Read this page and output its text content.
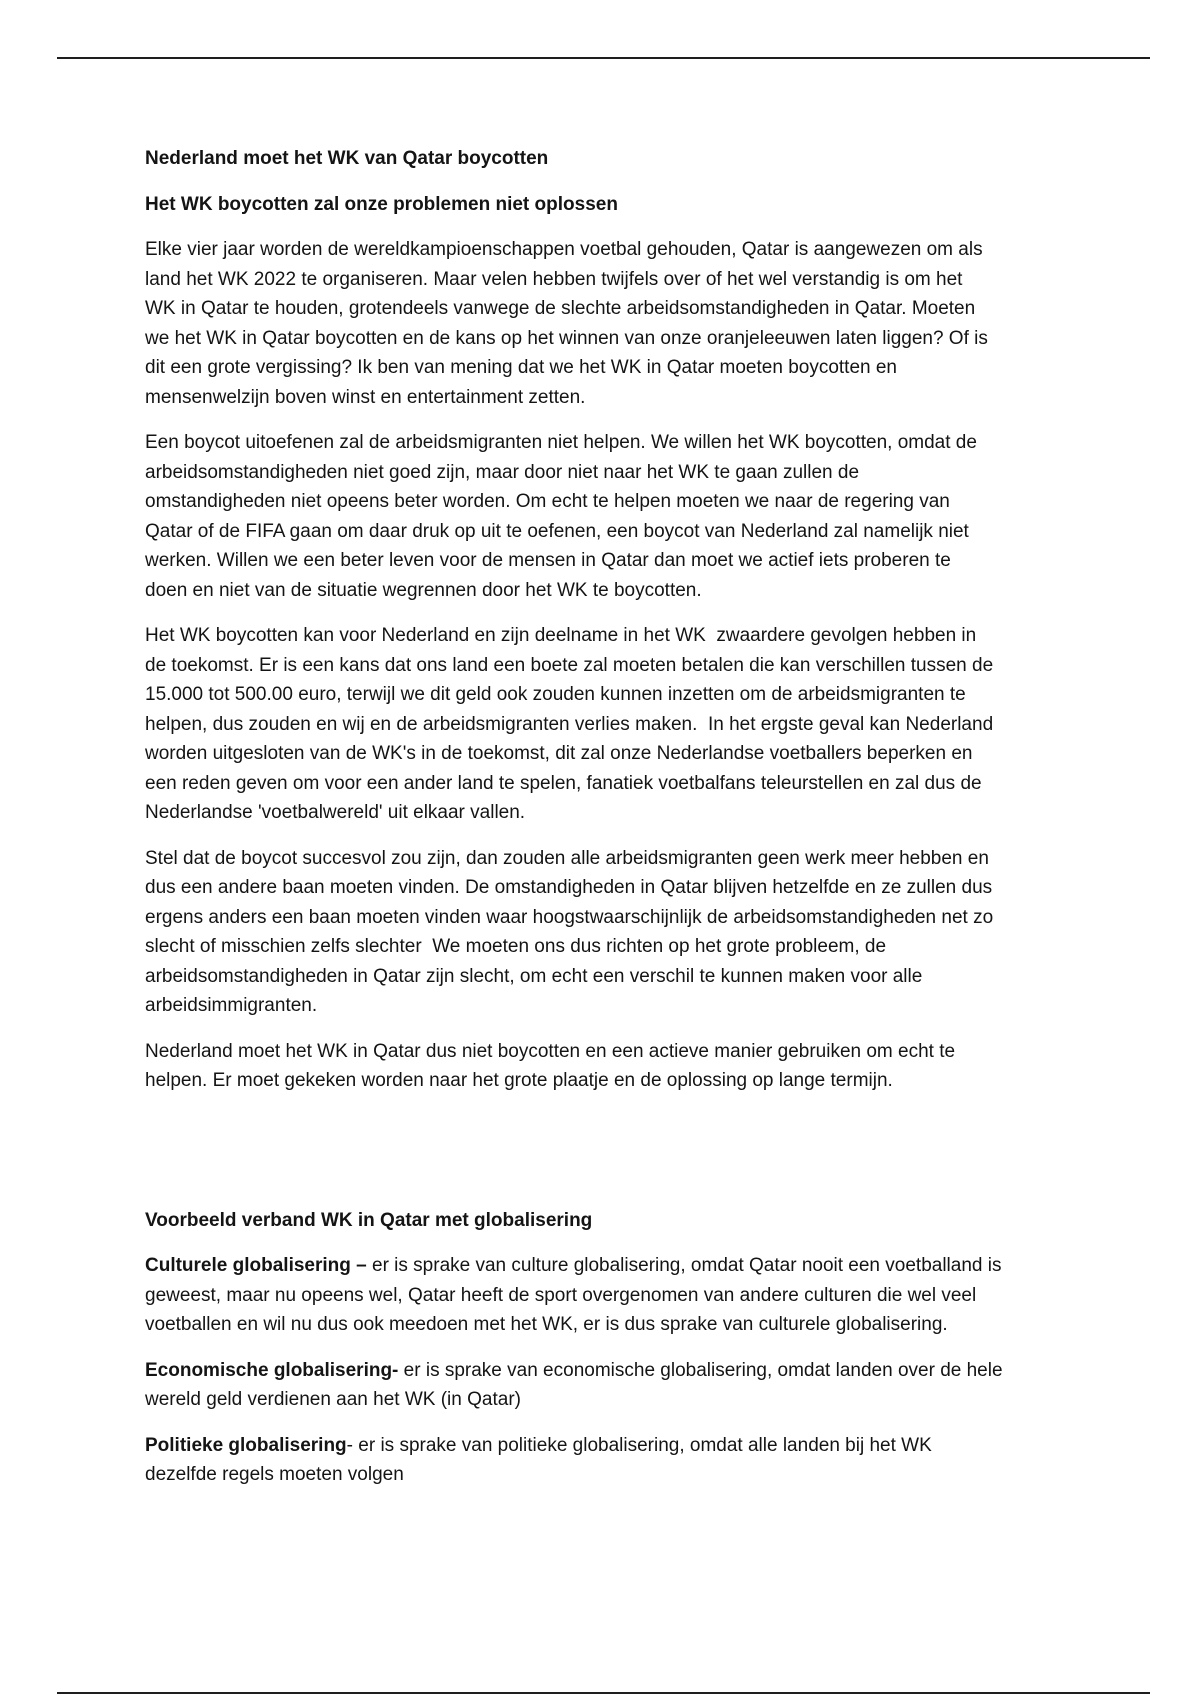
Nederland moet het WK van Qatar boycotten
Het WK boycotten zal onze problemen niet oplossen
Elke vier jaar worden de wereldkampioenschappen voetbal gehouden, Qatar is aangewezen om als
land het WK 2022 te organiseren. Maar velen hebben twijfels over of het wel verstandig is om het
WK in Qatar te houden, grotendeels vanwege de slechte arbeidsomstandigheden in Qatar. Moeten
we het WK in Qatar boycotten en de kans op het winnen van onze oranjeleeuwen laten liggen? Of is
dit een grote vergissing? Ik ben van mening dat we het WK in Qatar moeten boycotten en
mensenwelzijn boven winst en entertainment zetten.
Een boycot uitoefenen zal de arbeidsmigranten niet helpen. We willen het WK boycotten, omdat de
arbeidsomstandigheden niet goed zijn, maar door niet naar het WK te gaan zullen de
omstandigheden niet opeens beter worden. Om echt te helpen moeten we naar de regering van
Qatar of de FIFA gaan om daar druk op uit te oefenen, een boycot van Nederland zal namelijk niet
werken. Willen we een beter leven voor de mensen in Qatar dan moet we actief iets proberen te
doen en niet van de situatie wegrennen door het WK te boycotten.
Het WK boycotten kan voor Nederland en zijn deelname in het WK  zwaardere gevolgen hebben in
de toekomst. Er is een kans dat ons land een boete zal moeten betalen die kan verschillen tussen de
15.000 tot 500.00 euro, terwijl we dit geld ook zouden kunnen inzetten om de arbeidsmigranten te
helpen, dus zouden en wij en de arbeidsmigranten verlies maken.  In het ergste geval kan Nederland
worden uitgesloten van de WK's in de toekomst, dit zal onze Nederlandse voetballers beperken en
een reden geven om voor een ander land te spelen, fanatiek voetbalfans teleurstellen en zal dus de
Nederlandse 'voetbalwereld' uit elkaar vallen.
Stel dat de boycot succesvol zou zijn, dan zouden alle arbeidsmigranten geen werk meer hebben en
dus een andere baan moeten vinden. De omstandigheden in Qatar blijven hetzelfde en ze zullen dus
ergens anders een baan moeten vinden waar hoogstwaarschijnlijk de arbeidsomstandigheden net zo
slecht of misschien zelfs slechter  We moeten ons dus richten op het grote probleem, de
arbeidsomstandigheden in Qatar zijn slecht, om echt een verschil te kunnen maken voor alle
arbeidsimmigranten.
Nederland moet het WK in Qatar dus niet boycotten en een actieve manier gebruiken om echt te
helpen. Er moet gekeken worden naar het grote plaatje en de oplossing op lange termijn.
Voorbeeld verband WK in Qatar met globalisering
Culturele globalisering – er is sprake van culture globalisering, omdat Qatar nooit een voetballand is
geweest, maar nu opeens wel, Qatar heeft de sport overgenomen van andere culturen die wel veel
voetballen en wil nu dus ook meedoen met het WK, er is dus sprake van culturele globalisering.
Economische globalisering- er is sprake van economische globalisering, omdat landen over de hele
wereld geld verdienen aan het WK (in Qatar)
Politieke globalisering- er is sprake van politieke globalisering, omdat alle landen bij het WK
dezelfde regels moeten volgen
